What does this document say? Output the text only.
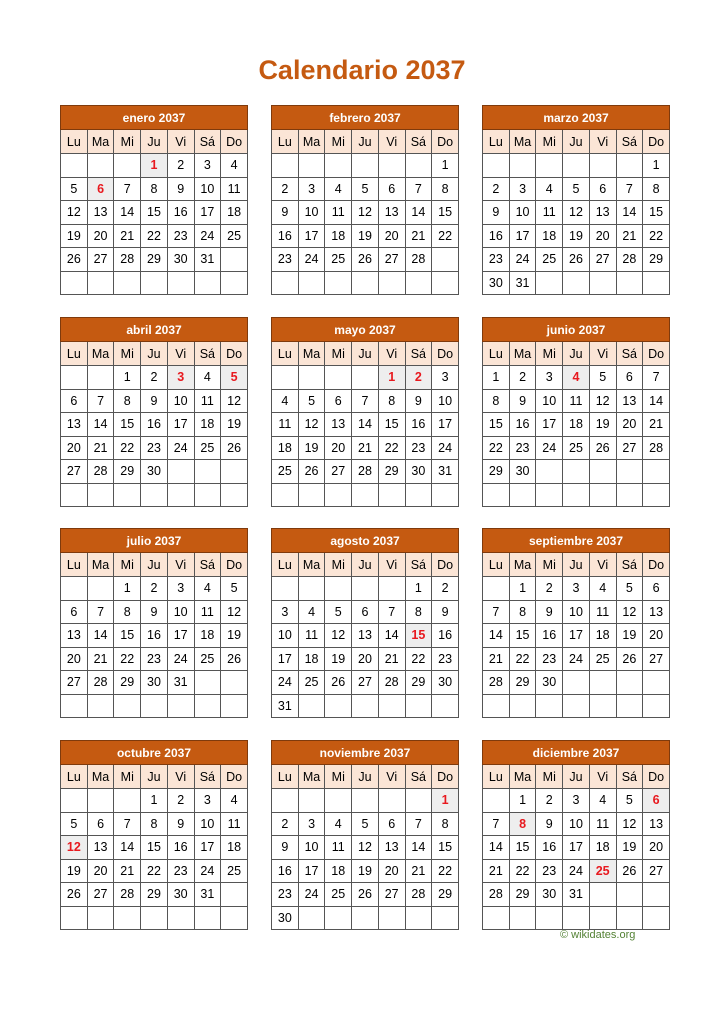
Calendario 2037
enero 2037						
Lu	Ma	Mi	Ju	Vi	Sá	Do
			1	2	3	4
5	6	7	8	9	10	11
12	13	14	15	16	17	18
19	20	21	22	23	24	25
26	27	28	29	30	31	

febrero 2037						
Lu	Ma	Mi	Ju	Vi	Sá	Do
						1
2	3	4	5	6	7	8
9	10	11	12	13	14	15
16	17	18	19	20	21	22
23	24	25	26	27	28	

marzo 2037						
Lu	Ma	Mi	Ju	Vi	Sá	Do
						1
2	3	4	5	6	7	8
9	10	11	12	13	14	15
16	17	18	19	20	21	22
23	24	25	26	27	28	29
30	31					
abril 2037						
Lu	Ma	Mi	Ju	Vi	Sá	Do
		1	2	3	4	5
6	7	8	9	10	11	12
13	14	15	16	17	18	19
20	21	22	23	24	25	26
27	28	29	30			

mayo 2037						
Lu	Ma	Mi	Ju	Vi	Sá	Do
				1	2	3
4	5	6	7	8	9	10
11	12	13	14	15	16	17
18	19	20	21	22	23	24
25	26	27	28	29	30	31

junio 2037						
Lu	Ma	Mi	Ju	Vi	Sá	Do
1	2	3	4	5	6	7
8	9	10	11	12	13	14
15	16	17	18	19	20	21
22	23	24	25	26	27	28
29	30					

julio 2037						
Lu	Ma	Mi	Ju	Vi	Sá	Do
		1	2	3	4	5
6	7	8	9	10	11	12
13	14	15	16	17	18	19
20	21	22	23	24	25	26
27	28	29	30	31		

agosto 2037						
Lu	Ma	Mi	Ju	Vi	Sá	Do
					1	2
3	4	5	6	7	8	9
10	11	12	13	14	15	16
17	18	19	20	21	22	23
24	25	26	27	28	29	30
31						
septiembre 2037						
Lu	Ma	Mi	Ju	Vi	Sá	Do
	1	2	3	4	5	6
7	8	9	10	11	12	13
14	15	16	17	18	19	20
21	22	23	24	25	26	27
28	29	30				

octubre 2037						
Lu	Ma	Mi	Ju	Vi	Sá	Do
			1	2	3	4
5	6	7	8	9	10	11
12	13	14	15	16	17	18
19	20	21	22	23	24	25
26	27	28	29	30	31	

noviembre 2037						
Lu	Ma	Mi	Ju	Vi	Sá	Do
						1
2	3	4	5	6	7	8
9	10	11	12	13	14	15
16	17	18	19	20	21	22
23	24	25	26	27	28	29
30						
diciembre 2037						
Lu	Ma	Mi	Ju	Vi	Sá	Do
	1	2	3	4	5	6
7	8	9	10	11	12	13
14	15	16	17	18	19	20
21	22	23	24	25	26	27
28	29	30	31			

© wikidates.org
